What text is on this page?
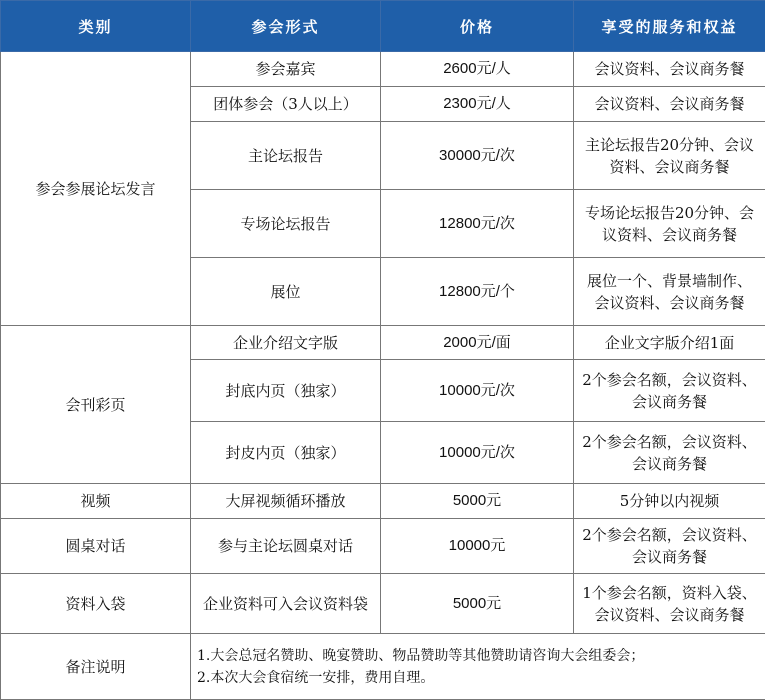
类别	参会形式	价格	享受的服务和权益
参会参展论坛发言	参会嘉宾	2600元/人	会议资料、会议商务餐
	团体参会（3人以上）	2300元/人	会议资料、会议商务餐
	主论坛报告	30000元/次	主论坛报告20分钟、会议资料、会议商务餐
	专场论坛报告	12800元/次	专场论坛报告20分钟、会议资料、会议商务餐
	展位	12800元/个	展位一个、背景墙制作、会议资料、会议商务餐
会刊彩页	企业介绍文字版	2000元/面	企业文字版介绍1面
	封底内页（独家）	10000元/次	2个参会名额，会议资料、会议商务餐
	封皮内页（独家）	10000元/次	2个参会名额，会议资料、会议商务餐
视频	大屏视频循环播放	5000元	5分钟以内视频
圆桌对话	参与主论坛圆桌对话	10000元	2个参会名额，会议资料、会议商务餐
资料入袋	企业资料可入会议资料袋	5000元	1个参会名额，资料入袋、会议资料、会议商务餐
备注说明	1.大会总冠名赞助、晚宴赞助、物品赞助等其他赞助请咨询大会组委会；
2.本次大会食宿统一安排，费用自理。		
